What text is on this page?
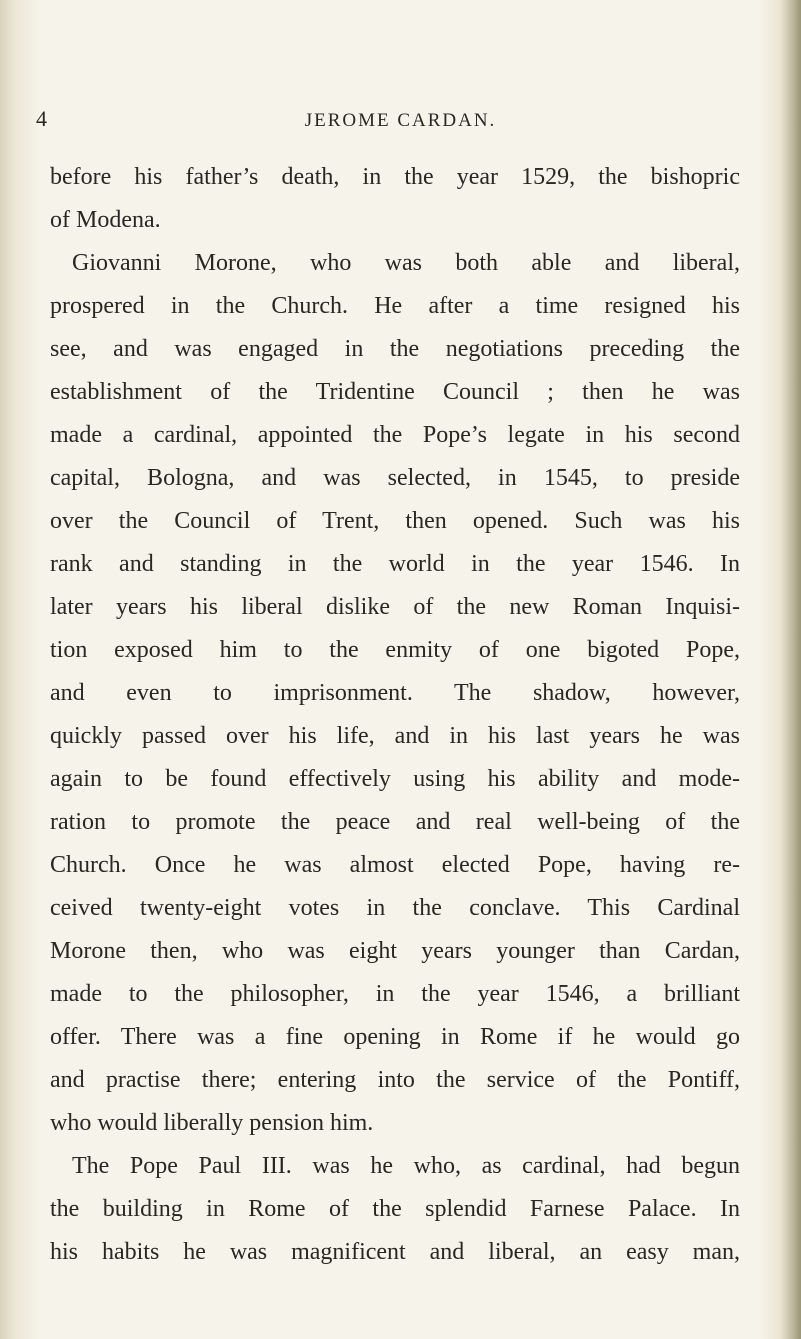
4	JEROME CARDAN.
before his father’s death, in the year 1529, the bishopric
of Modena.
Giovanni Morone, who was both able and liberal,
prospered in the Church. He after a time resigned his
see, and was engaged in the negotiations preceding the
establishment of the Tridentine Council ; then he was
made a cardinal, appointed the Pope’s legate in his second
capital, Bologna, and was selected, in 1545, to preside
over the Council of Trent, then opened. Such was his
rank and standing in the world in the year 1546. In
later years his liberal dislike of the new Roman Inquisi-
tion exposed him to the enmity of one bigoted Pope,
and even to imprisonment. The shadow, however,
quickly passed over his life, and in his last years he was
again to be found effectively using his ability and mode-
ration to promote the peace and real well-being of the
Church. Once he was almost elected Pope, having re-
ceived twenty-eight votes in the conclave. This Cardinal
Morone then, who was eight years younger than Cardan,
made to the philosopher, in the year 1546, a brilliant
offer. There was a fine opening in Rome if he would go
and practise there; entering into the service of the Pontiff,
who would liberally pension him.
The Pope Paul III. was he who, as cardinal, had begun
the building in Rome of the splendid Farnese Palace. In
his habits he was magnificent and liberal, an easy man,
